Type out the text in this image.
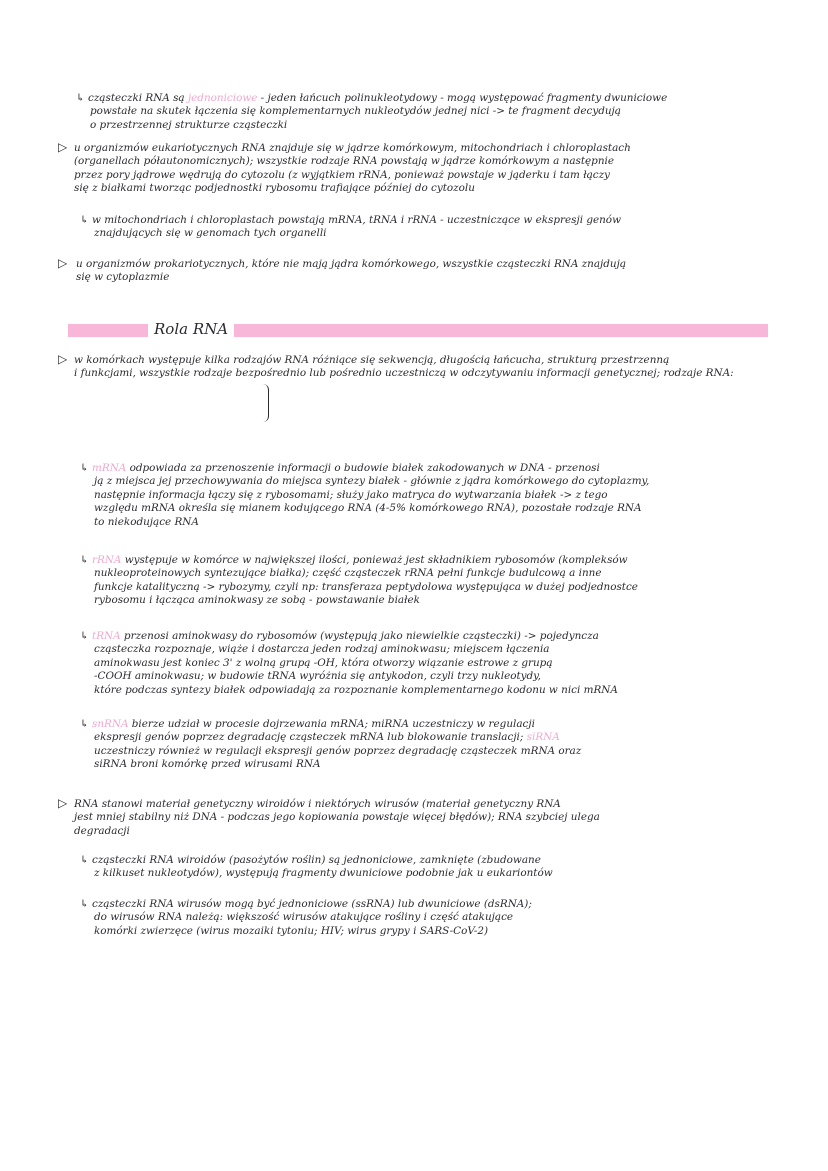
↳ cząsteczki RNA są jednoniciowe - jeden łańcuch polinukleotydowy - mogą występować fragmenty dwuniciowe
powstałe na skutek łączenia się komplementarnych nukleotydów jednej nici -> te fragment decydują
o przestrzennej strukturze cząsteczki
▷ u organizmów eukariotycznych RNA znajduje się w jądrze komórkowym, mitochondriach i chloroplastach
(organellach półautonomicznych); wszystkie rodzaje RNA powstają w jądrze komórkowym a następnie
przez pory jądrowe wędrują do cytozolu (z wyjątkiem rRNA, ponieważ powstaje w jąderku i tam łączy
się z białkami tworząc podjednostki rybosomu trafiające później do cytozolu
↳ w mitochondriach i chloroplastach powstają mRNA, tRNA i rRNA - uczestniczące w ekspresji genów
znajdujących się w genomach tych organelli
▷ u organizmów prokariotycznych, które nie mają jądra komórkowego, wszystkie cząsteczki RNA znajdują
się w cytoplazmie
Rola RNA
▷ w komórkach występuje kilka rodzajów RNA różniące się sekwencją, długością łańcucha, strukturą przestrzenną
i funkcjami, wszystkie rodzaje bezpośrednio lub pośrednio uczestniczą w odczytywaniu informacji genetycznej; rodzaje RNA:
↳ mRNA odpowiada za przenoszenie informacji o budowie białek zakodowanych w DNA - przenosi
ją z miejsca jej przechowywania do miejsca syntezy białek - głównie z jądra komórkowego do cytoplazmy,
następnie informacja łączy się z rybosomami; służy jako matryca do wytwarzania białek -> z tego
względu mRNA określa się mianem kodującego RNA (4-5% komórkowego RNA), pozostałe rodzaje RNA
to niekodujące RNA
↳ rRNA występuje w komórce w największej ilości, ponieważ jest składnikiem rybosomów (kompleksów
nukleoproteinowych syntezujące białka); część cząsteczek rRNA pełni funkcje budulcową a inne
funkcje katalityczną -> rybozymy, czyli np: transferaza peptydolowa występująca w dużej podjednostce
rybosomu i łącząca aminokwasy ze sobą - powstawanie białek
↳ tRNA przenosi aminokwasy do rybosomów (występują jako niewielkie cząsteczki) -> pojedyncza
cząsteczka rozpoznaje, wiąże i dostarcza jeden rodzaj aminokwasu; miejscem łączenia
aminokwasu jest koniec 3' z wolną grupą -OH, która otworzy wiązanie estrowe z grupą
-COOH aminokwasu; w budowie tRNA wyróżnia się antykodon, czyli trzy nukleotydy,
które podczas syntezy białek odpowiadają za rozpoznanie komplementarnego kodonu w nici mRNA
↳ snRNA bierze udział w procesie dojrzewania mRNA; miRNA uczestniczy w regulacji
ekspresji genów poprzez degradację cząsteczek mRNA lub blokowanie translacji; siRNA
uczestniczy również w regulacji ekspresji genów poprzez degradację cząsteczek mRNA oraz
siRNA broni komórkę przed wirusami RNA
▷ RNA stanowi materiał genetyczny wiroidów i niektórych wirusów (materiał genetyczny RNA
jest mniej stabilny niż DNA - podczas jego kopiowania powstaje więcej błędów); RNA szybciej ulega
degradacji
↳ cząsteczki RNA wiroidów (pasożytów roślin) są jednoniciowe, zamknięte (zbudowane
z kilkuset nukleotydów), występują fragmenty dwuniciowe podobnie jak u eukariontów
↳ cząsteczki RNA wirusów mogą być jednoniciowe (ssRNA) lub dwuniciowe (dsRNA);
do wirusów RNA należą: większość wirusów atakujące rośliny i część atakujące
komórki zwierzęce (wirus mozaiki tytoniu; HIV; wirus grypy i SARS-CoV-2)
